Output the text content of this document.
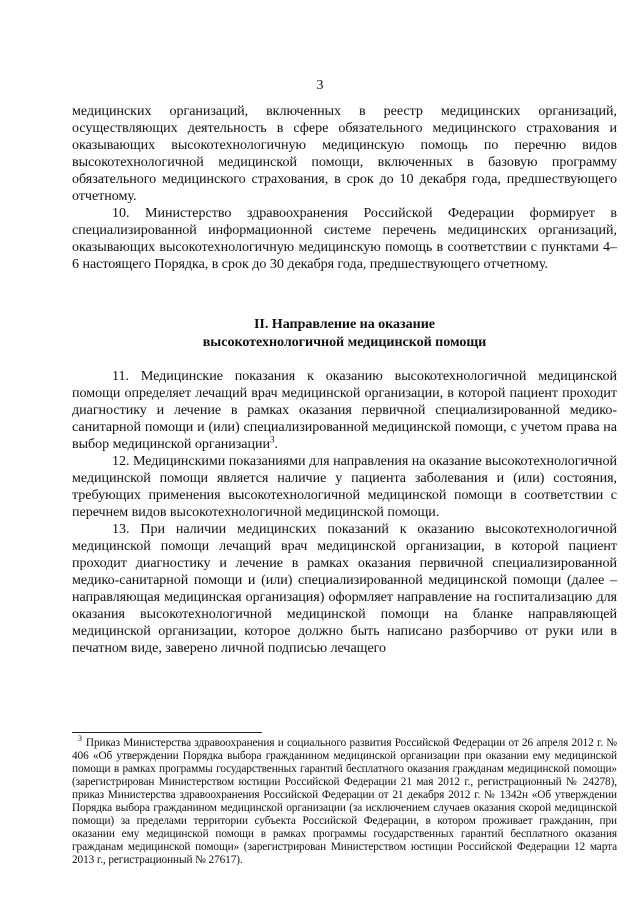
3

медицинских организаций, включенных в реестр медицинских организаций, осуществляющих деятельность в сфере обязательного медицинского страхования и оказывающих высокотехнологичную медицинскую помощь по перечню видов высокотехнологичной медицинской помощи, включенных в базовую программу обязательного медицинского страхования, в срок до 10 декабря года, предшествующего отчетному.

10. Министерство здравоохранения Российской Федерации формирует в специализированной информационной системе перечень медицинских организаций, оказывающих высокотехнологичную медицинскую помощь в соответствии с пунктами 4–6 настоящего Порядка, в срок до 30 декабря года, предшествующего отчетному.

II. Направление на оказание

высокотехнологичной медицинской помощи

11. Медицинские показания к оказанию высокотехнологичной медицинской помощи определяет лечащий врач медицинской организации, в которой пациент проходит диагностику и лечение в рамках оказания первичной специализированной медико-санитарной помощи и (или) специализированной медицинской помощи, с учетом права на выбор медицинской организации$^3$.

12. Медицинскими показаниями для направления на оказание высокотехнологичной медицинской помощи является наличие у пациента заболевания и (или) состояния, требующих применения высокотехнологичной медицинской помощи в соответствии с перечнем видов высокотехнологичной медицинской помощи.

13. При наличии медицинских показаний к оказанию высокотехнологичной медицинской помощи лечащий врач медицинской организации, в которой пациент проходит диагностику и лечение в рамках оказания первичной специализированной медико-санитарной помощи и (или) специализированной медицинской помощи (далее – направляющая медицинская организация) оформляет направление на госпитализацию для оказания высокотехнологичной медицинской помощи на бланке направляющей медицинской организации, которое должно быть написано разборчиво от руки или в печатном виде, заверено личной подписью лечащего

$^3$ Приказ Министерства здравоохранения и социального развития Российской Федерации от 26 апреля 2012 г. № 406 «Об утверждении Порядка выбора гражданином медицинской организации при оказании ему медицинской помощи в рамках программы государственных гарантий бесплатного оказания гражданам медицинской помощи» (зарегистрирован Министерством юстиции Российской Федерации 21 мая 2012 г., регистрационный № 24278), приказ Министерства здравоохранения Российской Федерации от 21 декабря 2012 г. № 1342н «Об утверждении Порядка выбора гражданином медицинской организации (за исключением случаев оказания скорой медицинской помощи) за пределами территории субъекта Российской Федерации, в котором проживает гражданин, при оказании ему медицинской помощи в рамках программы государственных гарантий бесплатного оказания гражданам медицинской помощи» (зарегистрирован Министерством юстиции Российской Федерации 12 марта 2013 г., регистрационный № 27617).
